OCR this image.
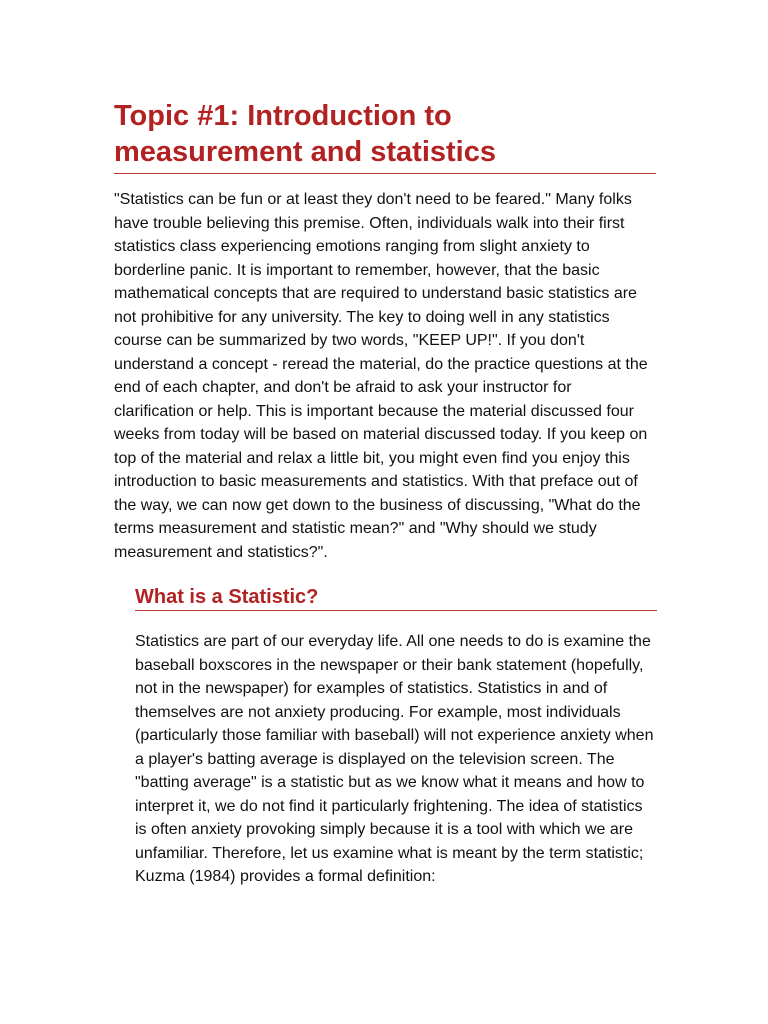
Topic #1: Introduction to
measurement and statistics

"Statistics can be fun or at least they don't need to be feared." Many folks have trouble believing this premise. Often, individuals walk into their first statistics class experiencing emotions ranging from slight anxiety to borderline panic. It is important to remember, however, that the basic mathematical concepts that are required to understand basic statistics are not prohibitive for any university. The key to doing well in any statistics course can be summarized by two words, "KEEP UP!". If you don't understand a concept - reread the material, do the practice questions at the end of each chapter, and don't be afraid to ask your instructor for clarification or help. This is important because the material discussed four weeks from today will be based on material discussed today. If you keep on top of the material and relax a little bit, you might even find you enjoy this introduction to basic measurements and statistics. With that preface out of the way, we can now get down to the business of discussing, "What do the terms measurement and statistic mean?" and "Why should we study measurement and statistics?".

What is a Statistic?

Statistics are part of our everyday life. All one needs to do is examine the baseball boxscores in the newspaper or their bank statement (hopefully, not in the newspaper) for examples of statistics. Statistics in and of themselves are not anxiety producing. For example, most individuals (particularly those familiar with baseball) will not experience anxiety when a player's batting average is displayed on the television screen. The "batting average" is a statistic but as we know what it means and how to interpret it, we do not find it particularly frightening. The idea of statistics is often anxiety provoking simply because it is a tool with which we are unfamiliar. Therefore, let us examine what is meant by the term statistic; Kuzma (1984) provides a formal definition:
